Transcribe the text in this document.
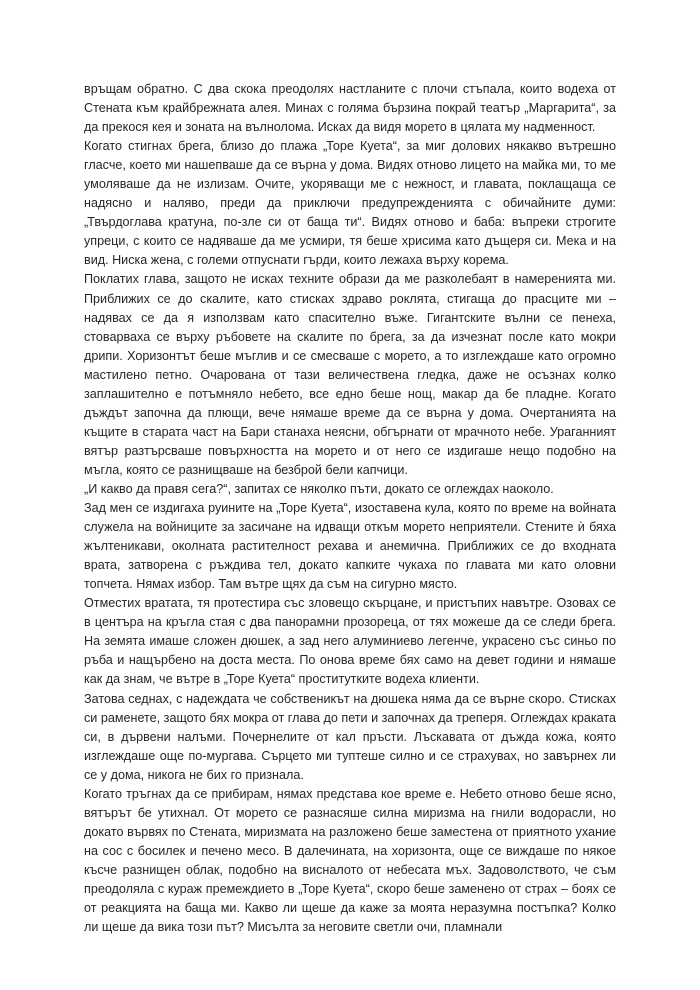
връщам обратно. С два скока преодолях настланите с плочи стъпала, които водеха от Стената към крайбрежната алея. Минах с голяма бързина покрай театър „Маргарита“, за да прекося кея и зоната на вълнолома. Исках да видя морето в цялата му надменност.

Когато стигнах брега, близо до плажа „Торе Куета“, за миг долових някакво вътрешно гласче, което ми нашепваше да се върна у дома. Видях отново лицето на майка ми, то ме умоляваше да не излизам. Очите, укоряващи ме с нежност, и главата, поклащаща се надясно и наляво, преди да приключи предупрежденията с обичайните думи: „Твърдоглава кратуна, по-зле си от баща ти“. Видях отново и баба: въпреки строгите упреци, с които се надяваше да ме усмири, тя беше хрисима като дъщеря си. Мека и на вид. Ниска жена, с големи отпуснати гърди, които лежаха върху корема.

Поклатих глава, защото не исках техните образи да ме разколебаят в намеренията ми. Приближих се до скалите, като стисках здраво роклята, стигаща до прасците ми – надявах се да я използвам като спасително въже. Гигантските вълни се пенеха, стоварваха се върху ръбовете на скалите по брега, за да изчезнат после като мокри дрипи. Хоризонтът беше мъглив и се смесваше с морето, а то изглеждаше като огромно мастилено петно. Очарована от тази величествена гледка, даже не осъзнах колко заплашително е потъмняло небето, все едно беше нощ, макар да бе пладне. Когато дъждът започна да плющи, вече нямаше време да се върна у дома. Очертанията на къщите в старата част на Бари станаха неясни, обгърнати от мрачното небе. Ураганният вятър разтърсваше повърхността на морето и от него се издигаше нещо подобно на мъгла, която се разнищваше на безброй бели капчици.

„И какво да правя сега?“, запитах се няколко пъти, докато се оглеждах наоколо.

Зад мен се издигаха руините на „Торе Куета“, изоставена кула, която по време на войната служела на войниците за засичане на идващи откъм морето неприятели. Стените ѝ бяха жълтеникави, околната растителност рехава и анемична. Приближих се до входната врата, затворена с ръждива тел, докато капките чукаха по главата ми като оловни топчета. Нямах избор. Там вътре щях да съм на сигурно място.

Отместих вратата, тя протестира със зловещо скърцане, и пристъпих навътре. Озовах се в центъра на кръгла стая с два панорамни прозореца, от тях можеше да се следи брега. На земята имаше сложен дюшек, а зад него алуминиево легенче, украсено със синьо по ръба и нащърбено на доста места. По онова време бях само на девет години и нямаше как да знам, че вътре в „Торе Куета“ проститутките водеха клиенти.

Затова седнах, с надеждата че собственикът на дюшека няма да се върне скоро. Стисках си раменете, защото бях мокра от глава до пети и започнах да треперя. Оглеждах краката си, в дървени налъми. Почернелите от кал пръсти. Лъскавата от дъжда кожа, която изглеждаше още по-мургава. Сърцето ми туптеше силно и се страхувах, но завърнех ли се у дома, никога не бих го признала.

Когато тръгнах да се прибирам, нямах представа кое време е. Небето отново беше ясно, вятърът бе утихнал. От морето се разнасяше силна миризма на гнили водорасли, но докато вървях по Стената, миризмата на разложено беше заместена от приятното ухание на сос с босилек и печено месо. В далечината, на хоризонта, още се виждаше по някое късче разнищен облак, подобно на висналото от небесата мъх. Задоволството, че съм преодоляла с кураж премеждието в „Торе Куета“, скоро беше заменено от страх – боях се от реакцията на баща ми. Какво ли щеше да каже за моята неразумна постъпка? Колко ли щеше да вика този път? Мисълта за неговите светли очи, пламнали
